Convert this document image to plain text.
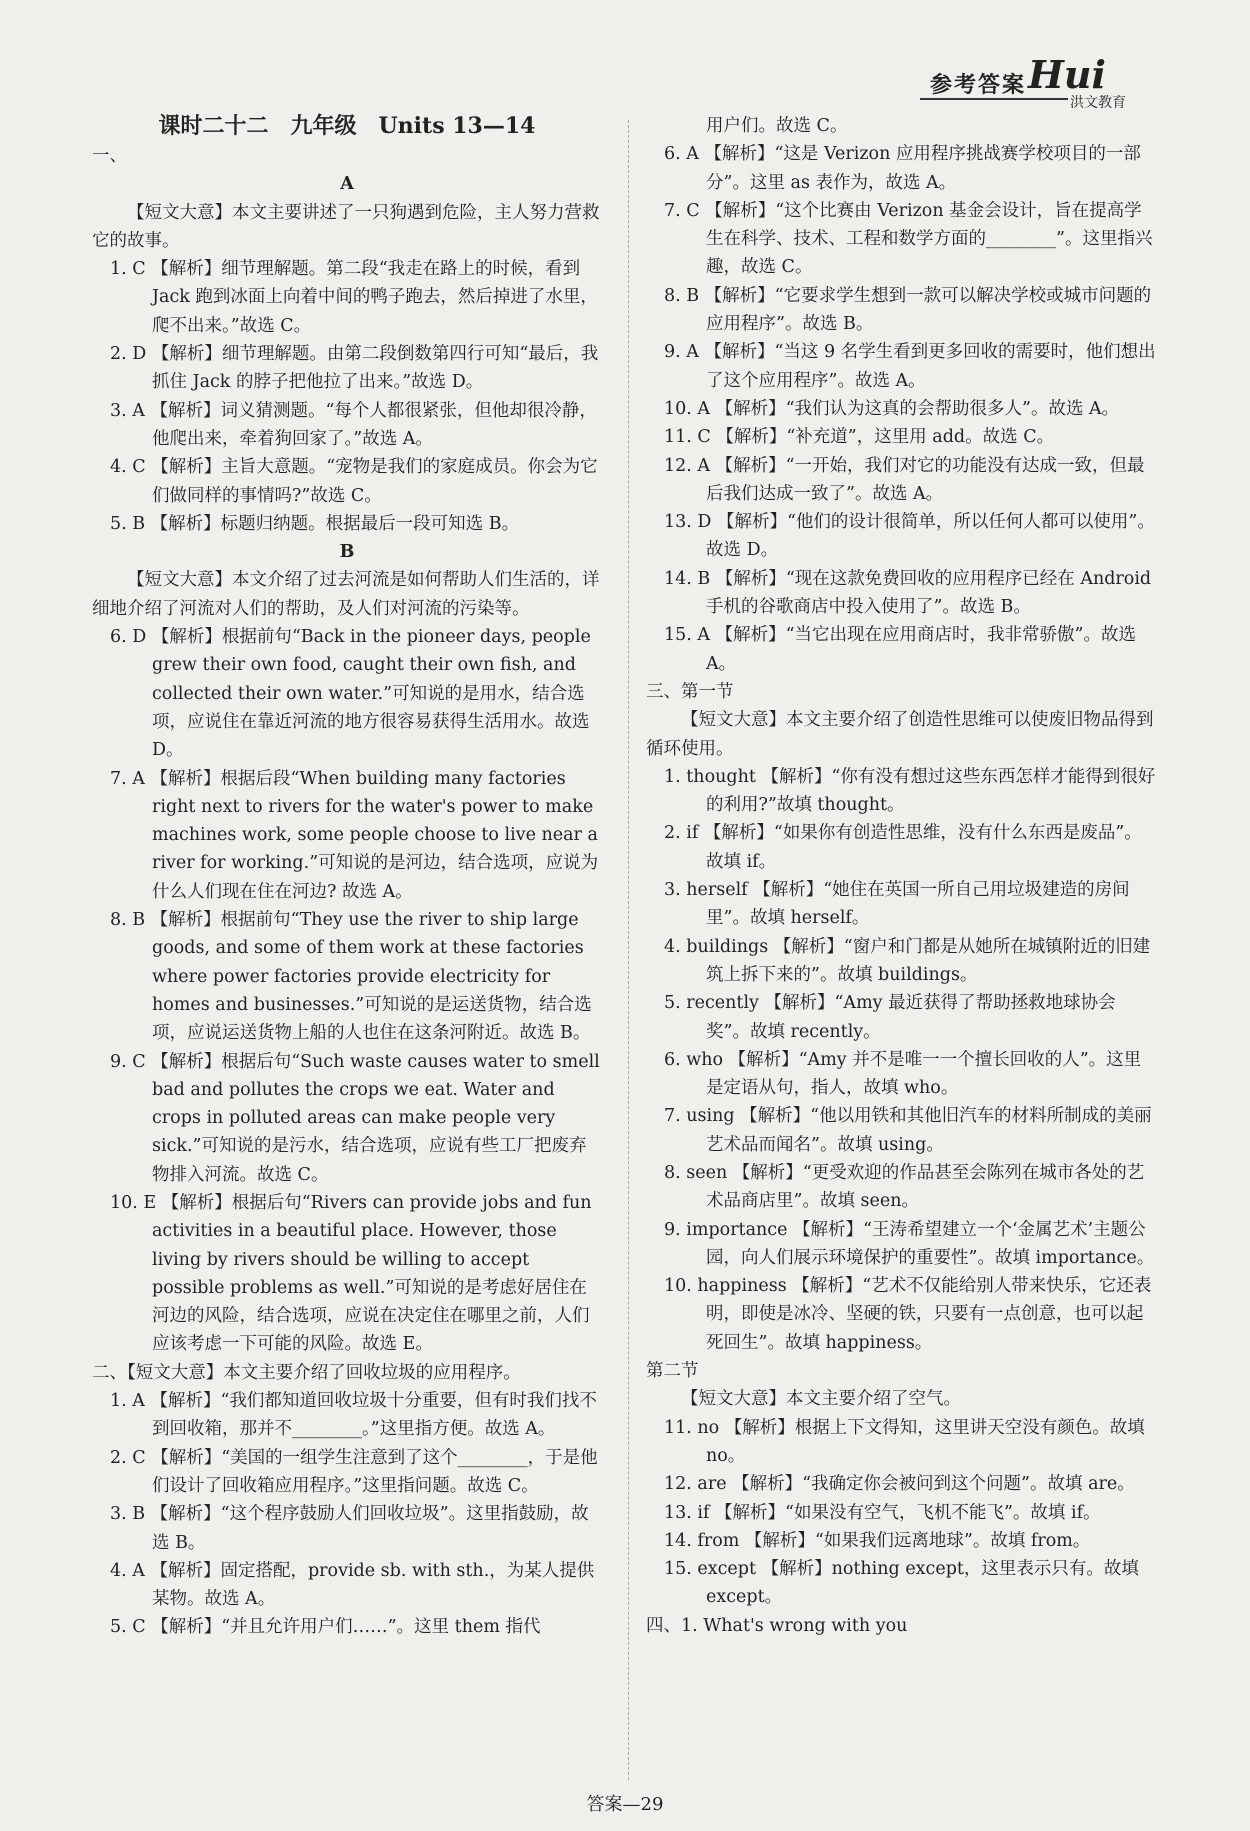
参考答案 Hui
洪文教育
课时二十二　九年级　Units 13—14
一、
A
【短文大意】本文主要讲述了一只狗遇到危险，主人努力营救它的故事。
1. C 【解析】细节理解题。第二段“我走在路上的时候，看到 Jack 跑到冰面上向着中间的鸭子跑去，然后掉进了水里，爬不出来。”故选 C。
2. D 【解析】细节理解题。由第二段倒数第四行可知“最后，我抓住 Jack 的脖子把他拉了出来。”故选 D。
3. A 【解析】词义猜测题。“每个人都很紧张，但他却很冷静，他爬出来，牵着狗回家了。”故选 A。
4. C 【解析】主旨大意题。“宠物是我们的家庭成员。你会为它们做同样的事情吗?”故选 C。
5. B 【解析】标题归纳题。根据最后一段可知选 B。
B
【短文大意】本文介绍了过去河流是如何帮助人们生活的，详细地介绍了河流对人们的帮助，及人们对河流的污染等。
6. D 【解析】根据前句“Back in the pioneer days, people grew their own food, caught their own fish, and collected their own water.”可知说的是用水，结合选项，应说住在靠近河流的地方很容易获得生活用水。故选 D。
7. A 【解析】根据后段“When building many factories right next to rivers for the water's power to make machines work, some people choose to live near a river for working.”可知说的是河边，结合选项，应说为什么人们现在住在河边? 故选 A。
8. B 【解析】根据前句“They use the river to ship large goods, and some of them work at these factories where power factories provide electricity for homes and businesses.”可知说的是运送货物，结合选项，应说运送货物上船的人也住在这条河附近。故选 B。
9. C 【解析】根据后句“Such waste causes water to smell bad and pollutes the crops we eat. Water and crops in polluted areas can make people very sick.”可知说的是污水，结合选项，应说有些工厂把废弃物排入河流。故选 C。
10. E 【解析】根据后句“Rivers can provide jobs and fun activities in a beautiful place. However, those living by rivers should be willing to accept possible problems as well.”可知说的是考虑好居住在河边的风险，结合选项，应说在决定住在哪里之前，人们应该考虑一下可能的风险。故选 E。
二、【短文大意】本文主要介绍了回收垃圾的应用程序。
1. A 【解析】“我们都知道回收垃圾十分重要，但有时我们找不到回收箱，那并不________。”这里指方便。故选 A。
2. C 【解析】“美国的一组学生注意到了这个________，于是他们设计了回收箱应用程序。”这里指问题。故选 C。
3. B 【解析】“这个程序鼓励人们回收垃圾”。这里指鼓励，故选 B。
4. A 【解析】固定搭配，provide sb. with sth.，为某人提供某物。故选 A。
5. C 【解析】“并且允许用户们……”。这里 them 指代
用户们。故选 C。
6. A 【解析】“这是 Verizon 应用程序挑战赛学校项目的一部分”。这里 as 表作为，故选 A。
7. C 【解析】“这个比赛由 Verizon 基金会设计，旨在提高学生在科学、技术、工程和数学方面的________”。这里指兴趣，故选 C。
8. B 【解析】“它要求学生想到一款可以解决学校或城市问题的应用程序”。故选 B。
9. A 【解析】“当这 9 名学生看到更多回收的需要时，他们想出了这个应用程序”。故选 A。
10. A 【解析】“我们认为这真的会帮助很多人”。故选 A。
11. C 【解析】“补充道”，这里用 add。故选 C。
12. A 【解析】“一开始，我们对它的功能没有达成一致，但最后我们达成一致了”。故选 A。
13. D 【解析】“他们的设计很简单，所以任何人都可以使用”。故选 D。
14. B 【解析】“现在这款免费回收的应用程序已经在 Android 手机的谷歌商店中投入使用了”。故选 B。
15. A 【解析】“当它出现在应用商店时，我非常骄傲”。故选 A。
三、第一节
【短文大意】本文主要介绍了创造性思维可以使废旧物品得到循环使用。
1. thought 【解析】“你有没有想过这些东西怎样才能得到很好的利用?”故填 thought。
2. if 【解析】“如果你有创造性思维，没有什么东西是废品”。故填 if。
3. herself 【解析】“她住在英国一所自己用垃圾建造的房间里”。故填 herself。
4. buildings 【解析】“窗户和门都是从她所在城镇附近的旧建筑上拆下来的”。故填 buildings。
5. recently 【解析】“Amy 最近获得了帮助拯救地球协会奖”。故填 recently。
6. who 【解析】“Amy 并不是唯一一个擅长回收的人”。这里是定语从句，指人，故填 who。
7. using 【解析】“他以用铁和其他旧汽车的材料所制成的美丽艺术品而闻名”。故填 using。
8. seen 【解析】“更受欢迎的作品甚至会陈列在城市各处的艺术品商店里”。故填 seen。
9. importance 【解析】“王涛希望建立一个‘金属艺术’主题公园，向人们展示环境保护的重要性”。故填 importance。
10. happiness 【解析】“艺术不仅能给别人带来快乐，它还表明，即使是冰冷、坚硬的铁，只要有一点创意，也可以起死回生”。故填 happiness。
第二节
【短文大意】本文主要介绍了空气。
11. no 【解析】根据上下文得知，这里讲天空没有颜色。故填 no。
12. are 【解析】“我确定你会被问到这个问题”。故填 are。
13. if 【解析】“如果没有空气，飞机不能飞”。故填 if。
14. from 【解析】“如果我们远离地球”。故填 from。
15. except 【解析】nothing except，这里表示只有。故填 except。
四、1. What's wrong with you
答案—29
